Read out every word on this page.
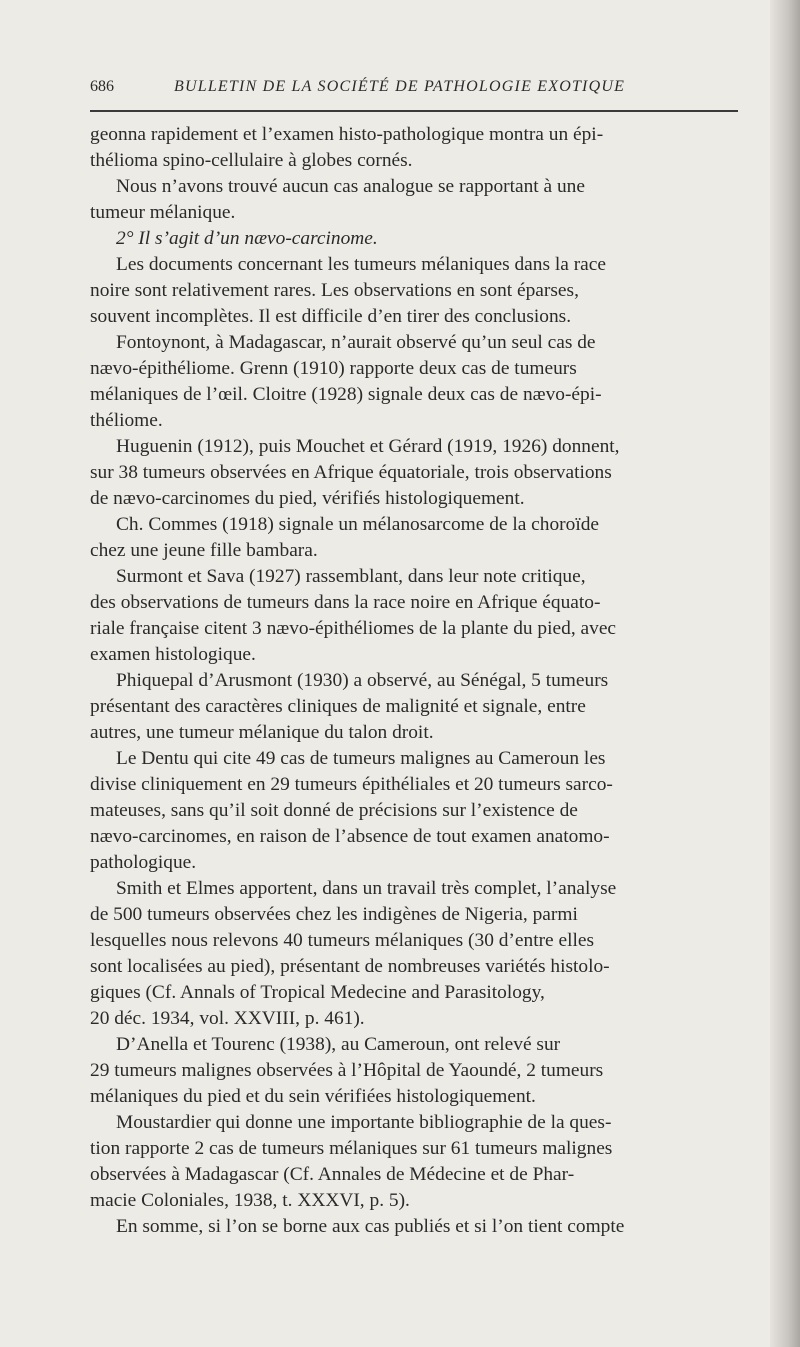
686	BULLETIN DE LA SOCIÉTÉ DE PATHOLOGIE EXOTIQUE
geonna rapidement et l’examen histo-pathologique montra un épi-
thélioma spino-cellulaire à globes cornés.
Nous n’avons trouvé aucun cas analogue se rapportant à une
tumeur mélanique.
2° Il s’agit d’un nævo-carcinome.
Les documents concernant les tumeurs mélaniques dans la race
noire sont relativement rares. Les observations en sont éparses,
souvent incomplètes. Il est difficile d’en tirer des conclusions.
Fontoynont, à Madagascar, n’aurait observé qu’un seul cas de
nævo-épithéliome. Grenn (1910) rapporte deux cas de tumeurs
mélaniques de l’œil. Cloitre (1928) signale deux cas de nævo-épi-
théliome.
Huguenin (1912), puis Mouchet et Gérard (1919, 1926) donnent,
sur 38 tumeurs observées en Afrique équatoriale, trois observations
de nævo-carcinomes du pied, vérifiés histologiquement.
Ch. Commes (1918) signale un mélanosarcome de la choroïde
chez une jeune fille bambara.
Surmont et Sava (1927) rassemblant, dans leur note critique,
des observations de tumeurs dans la race noire en Afrique équato-
riale française citent 3 nævo-épithéliomes de la plante du pied, avec
examen histologique.
Phiquepal d’Arusmont (1930) a observé, au Sénégal, 5 tumeurs
présentant des caractères cliniques de malignité et signale, entre
autres, une tumeur mélanique du talon droit.
Le Dentu qui cite 49 cas de tumeurs malignes au Cameroun les
divise cliniquement en 29 tumeurs épithéliales et 20 tumeurs sarco-
mateuses, sans qu’il soit donné de précisions sur l’existence de
nævo-carcinomes, en raison de l’absence de tout examen anatomo-
pathologique.
Smith et Elmes apportent, dans un travail très complet, l’analyse
de 500 tumeurs observées chez les indigènes de Nigeria, parmi
lesquelles nous relevons 40 tumeurs mélaniques (30 d’entre elles
sont localisées au pied), présentant de nombreuses variétés histolo-
giques (Cf. Annals of Tropical Medecine and Parasitology,
20 déc. 1934, vol. XXVIII, p. 461).
D’Anella et Tourenc (1938), au Cameroun, ont relevé sur
29 tumeurs malignes observées à l’Hôpital de Yaoundé, 2 tumeurs
mélaniques du pied et du sein vérifiées histologiquement.
Moustardier qui donne une importante bibliographie de la ques-
tion rapporte 2 cas de tumeurs mélaniques sur 61 tumeurs malignes
observées à Madagascar (Cf. Annales de Médecine et de Phar-
macie Coloniales, 1938, t. XXXVI, p. 5).
En somme, si l’on se borne aux cas publiés et si l’on tient compte
